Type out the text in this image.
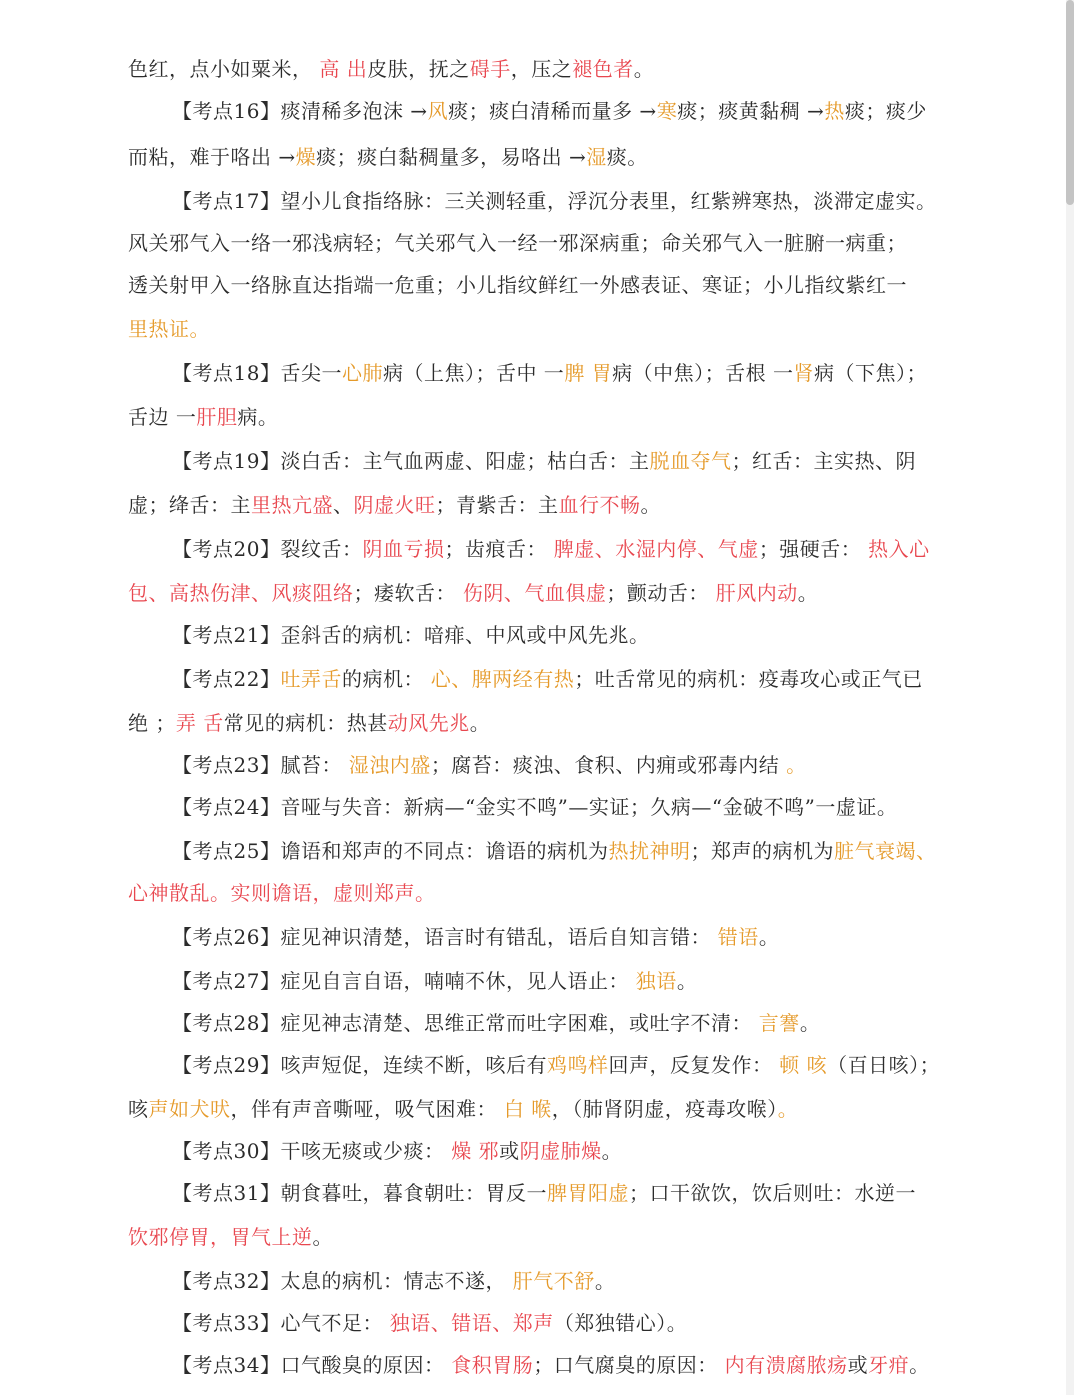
色红，点小如粟米， 高 出皮肤，抚之碍手，压之褪色者。
【考点16】痰清稀多泡沫 →风痰；痰白清稀而量多 →寒痰；痰黄黏稠 →热痰；痰少
而粘，难于咯出 →燥痰；痰白黏稠量多，易咯出 →湿痰。
【考点17】望小儿食指络脉：三关测轻重，浮沉分表里，红紫辨寒热，淡滞定虚实。
风关邪气入一络一邪浅病轻；气关邪气入一经一邪深病重；命关邪气入一脏腑一病重；
透关射甲入一络脉直达指端一危重；小儿指纹鲜红一外感表证、寒证；小儿指纹紫红一
里热证。
【考点18】舌尖一心肺病（上焦）；舌中 一脾 胃病（中焦）；舌根 一肾病（下焦）；
舌边 一肝胆病。
【考点19】淡白舌：主气血两虚、阳虚；枯白舌：主脱血夺气；红舌：主实热、阴
虚；绛舌：主里热亢盛、阴虚火旺；青紫舌：主血行不畅。
【考点20】裂纹舌：阴血亏损；齿痕舌： 脾虚、水湿内停、气虚；强硬舌： 热入心
包、高热伤津、风痰阻络；痿软舌： 伤阴、气血俱虚；颤动舌： 肝风内动。
【考点21】歪斜舌的病机：喑痱、中风或中风先兆。
【考点22】吐弄舌的病机： 心、脾两经有热；吐舌常见的病机：疫毒攻心或正气已
绝 ；弄 舌常见的病机：热甚动风先兆。
【考点23】腻苔： 湿浊内盛；腐苔：痰浊、食积、内痈或邪毒内结 。
【考点24】音哑与失音：新病—“金实不鸣”—实证；久病—“金破不鸣”一虚证。
【考点25】谵语和郑声的不同点：谵语的病机为热扰神明；郑声的病机为脏气衰竭、
心神散乱。实则谵语，虚则郑声。
【考点26】症见神识清楚，语言时有错乱，语后自知言错： 错语。
【考点27】症见自言自语，喃喃不休，见人语止： 独语。
【考点28】症见神志清楚、思维正常而吐字困难，或吐字不清： 言謇。
【考点29】咳声短促，连续不断，咳后有鸡鸣样回声，反复发作： 顿 咳（百日咳）；
咳声如犬吠，伴有声音嘶哑，吸气困难： 白 喉，（肺肾阴虚，疫毒攻喉）。
【考点30】干咳无痰或少痰： 燥 邪或阴虚肺燥。
【考点31】朝食暮吐，暮食朝吐：胃反一脾胃阳虚；口干欲饮，饮后则吐：水逆一
饮邪停胃，胃气上逆。
【考点32】太息的病机：情志不遂， 肝气不舒。
【考点33】心气不足： 独语、错语、郑声（郑独错心）。
【考点34】口气酸臭的原因： 食积胃肠；口气腐臭的原因： 内有溃腐脓疡或牙疳。
